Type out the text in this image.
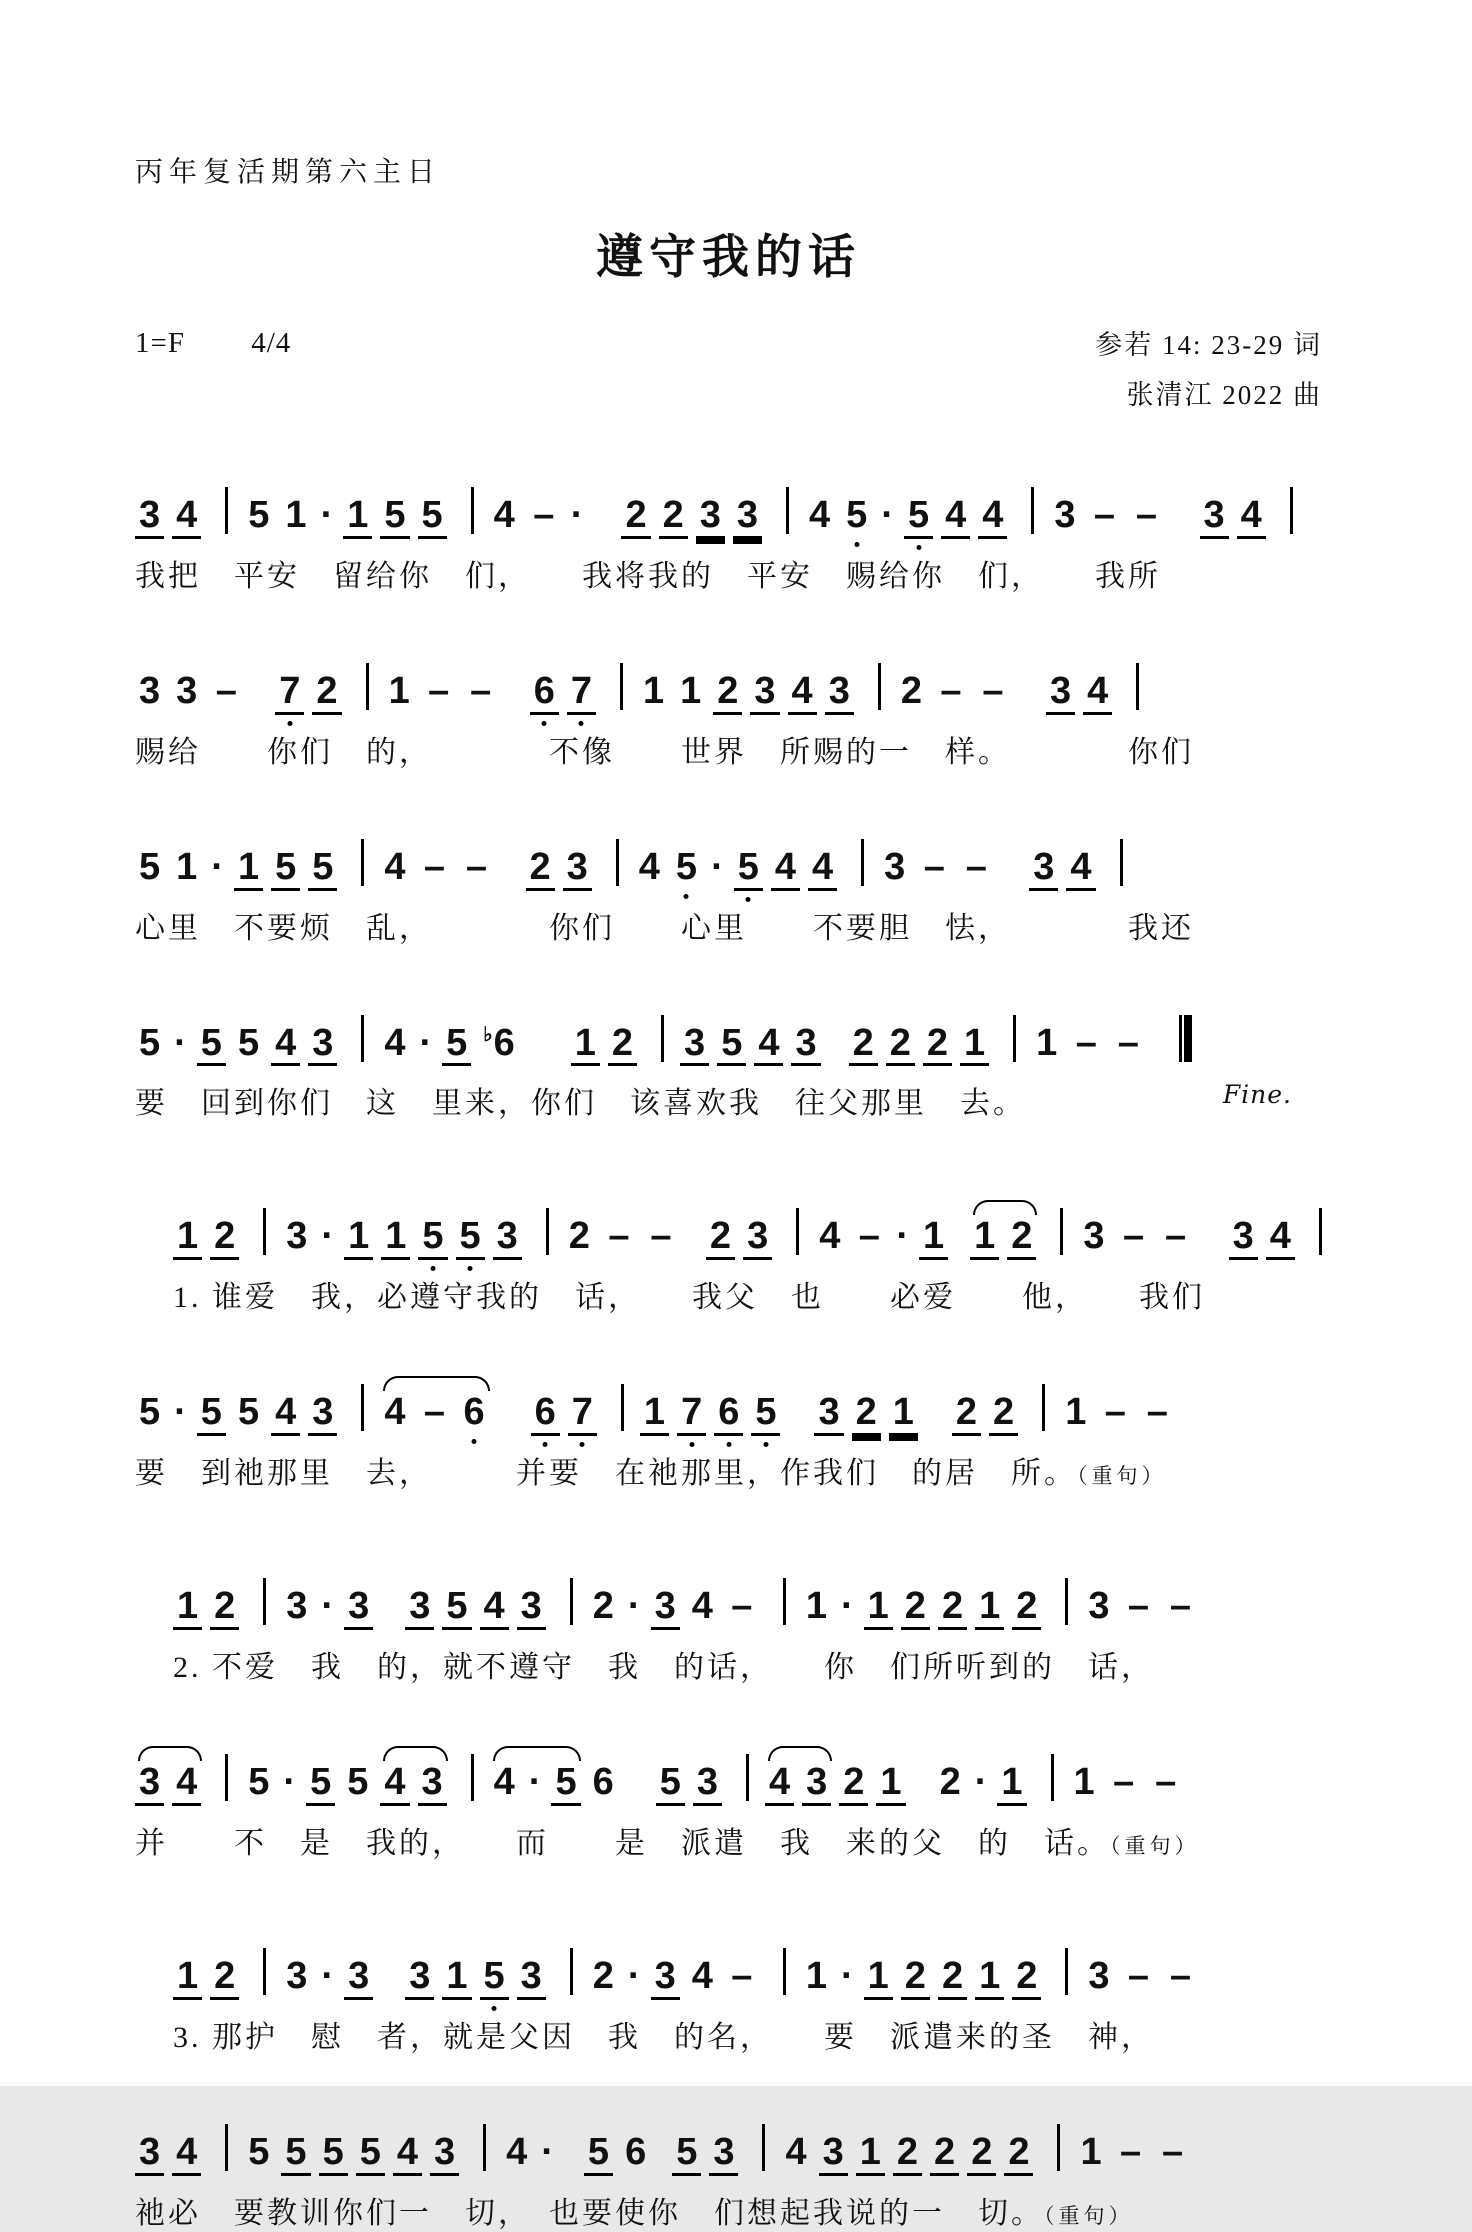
丙年复活期第六主日
遵守我的话
1=F 4/4	参若 14: 23-29 词
张清江 2022 曲
3 4 5 1 · 1 5 5 4 – · 2 2 3 3 4 5 · 5 4 4 3 – – 3 4
我把　平安　留给你　们，　　我将我的　平安　赐给你　们，　　我所
3 3 – 7 2 1 – – 6 7 1 1 2 3 4 3 2 – – 3 4
赐给　　你们　的，　　　　不像　　世界　所赐的一　样。　　　　你们
5 1 · 1 5 5 4 – – 2 3 4 5 · 5 4 4 3 – – 3 4
心里　不要烦　乱，　　　　你们　　心里　　不要胆　怯，　　　　我还
5 · 5 5 4 3 4 · 5 ♭6 1 2 3 5 4 3 2 2 2 1 1 – –
要　回到你们　这　里来，你们　该喜欢我　往父那里　去。	Fine.
1 2 3 · 1 1 5 5 3 2 – – 2 3 4 – · 1 1 2 3 – – 3 4
1. 谁爱　我，必遵守我的　话，　　我父　也　　必爱　　他，　　我们
5 · 5 5 4 3 4 – 6 6 7 1 7 6 5 3 2 1 2 2 1 – –
要　到祂那里　去，　　　并要　在祂那里，作我们　的居　所。（重句）
1 2 3 · 3 3 5 4 3 2 · 3 4 – 1 · 1 2 2 1 2 3 – –
2. 不爱　我　的，就不遵守　我　的话，　　你　们所听到的　话，
3 4 5 · 5 5 4 3 4 · 5 6 5 3 4 3 2 1 2 · 1 1 – –
并　　不　是　我的，　　而　　是　派遣　我　来的父　的　话。（重句）
1 2 3 · 3 3 1 5 3 2 · 3 4 – 1 · 1 2 2 1 2 3 – –
3. 那护　慰　者，就是父因　我　的名，　　要　派遣来的圣　神，
3 4 5 5 5 5 4 3 4 · 5 6 5 3 4 3 1 2 2 2 2 1 – –
祂必　要教训你们一　切，　也要使你　们想起我说的一　切。（重句）
